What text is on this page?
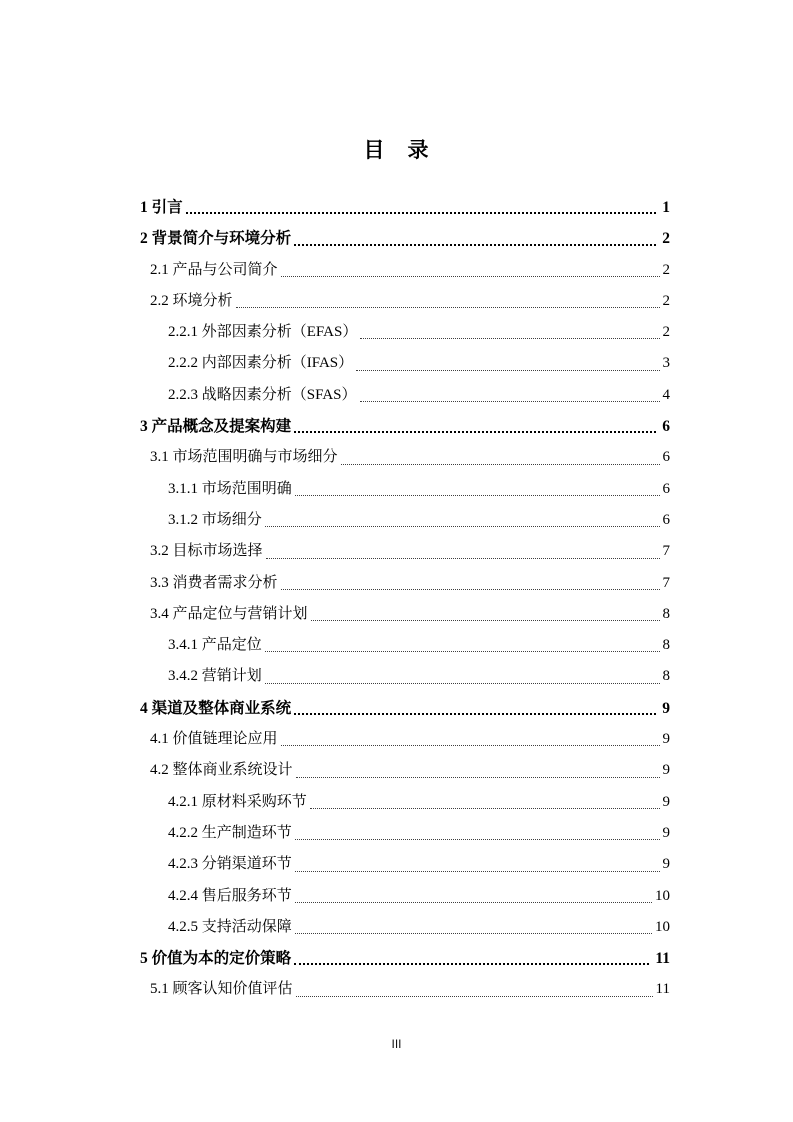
目　录
1 引言	1
2 背景简介与环境分析	2
2.1 产品与公司简介	2
2.2 环境分析	2
2.2.1 外部因素分析（EFAS）	2
2.2.2 内部因素分析（IFAS）	3
2.2.3 战略因素分析（SFAS）	4
3 产品概念及提案构建	6
3.1 市场范围明确与市场细分	6
3.1.1 市场范围明确	6
3.1.2 市场细分	6
3.2 目标市场选择	7
3.3 消费者需求分析	7
3.4 产品定位与营销计划	8
3.4.1 产品定位	8
3.4.2 营销计划	8
4 渠道及整体商业系统	9
4.1 价值链理论应用	9
4.2 整体商业系统设计	9
4.2.1 原材料采购环节	9
4.2.2 生产制造环节	9
4.2.3 分销渠道环节	9
4.2.4 售后服务环节	10
4.2.5 支持活动保障	10
5 价值为本的定价策略	11
5.1 顾客认知价值评估	11
III
